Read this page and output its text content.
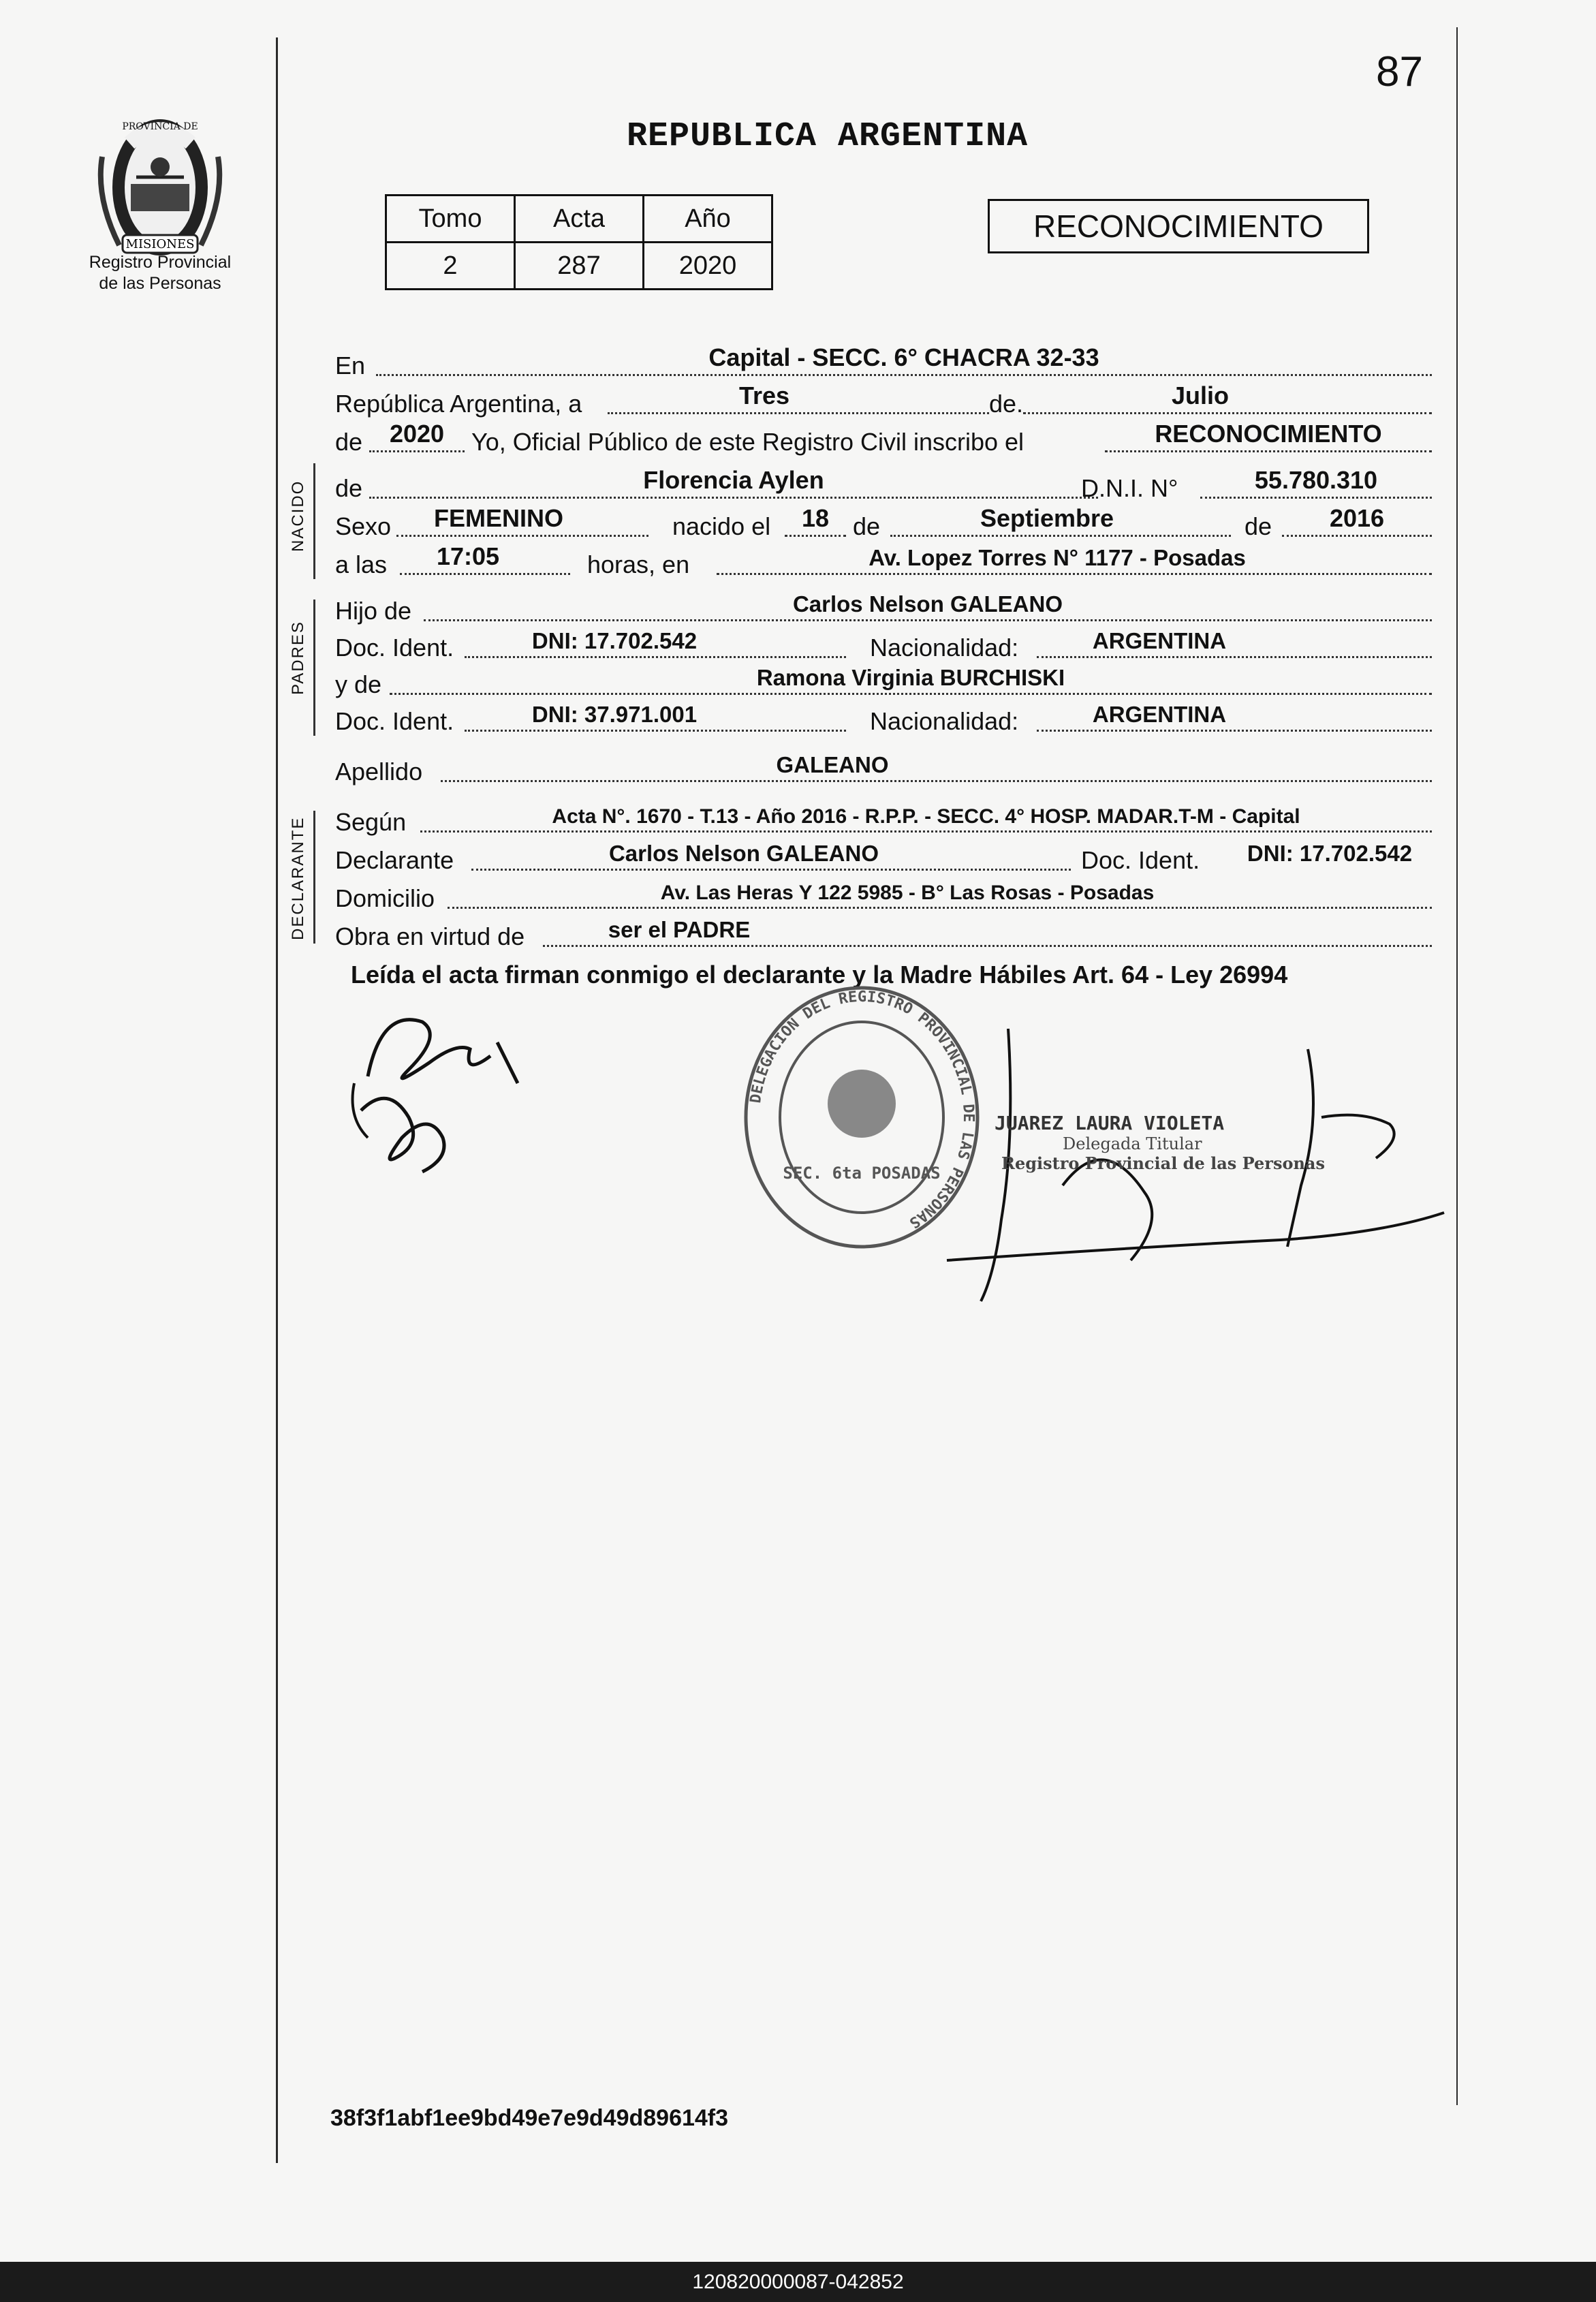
87
MISIONES
PROVINCIA DE
Registro Provincial
de las Personas
REPUBLICA ARGENTINA
Tomo	Acta	Año
2	287	2020
RECONOCIMIENTO
En	Capital - SECC. 6° CHACRA 32-33
República Argentina, a	Tres	de.	Julio
de	2020	Yo, Oficial Público de este Registro Civil inscribo el	RECONOCIMIENTO
NACIDO de	Florencia Aylen	D.N.I. N°	55.780.310
Sexo	FEMENINO	nacido el	18 de	Septiembre	de	2016
a las	17:05	horas, en	Av. Lopez Torres N° 1177 - Posadas
PADRES
Hijo de	Carlos Nelson GALEANO
Doc. Ident.	DNI: 17.702.542	Nacionalidad:	ARGENTINA
y de	Ramona Virginia BURCHISKI
Doc. Ident.	DNI: 37.971.001	Nacionalidad:	ARGENTINA
Apellido	GALEANO
DECLARANTE Según	Acta N°. 1670 - T.13 - Año 2016 - R.P.P. - SECC. 4° HOSP. MADAR.T-M - Capital
Declarante	Carlos Nelson GALEANO	Doc. Ident.	DNI: 17.702.542
Domicilio	Av. Las Heras Y 122 5985 - B° Las Rosas - Posadas
Obra en virtud de	ser el PADRE
Leída el acta firman conmigo el declarante y la Madre Hábiles Art. 64 - Ley 26994
DELEGACION DEL REGISTRO PROVINCIAL DE LAS PERSONAS
SEC. 6ta POSADAS
JUAREZ LAURA VIOLETA
Delegada Titular
Registro Provincial de las Personas
38f3f1abf1ee9bd49e7e9d49d89614f3
120820000087-042852
